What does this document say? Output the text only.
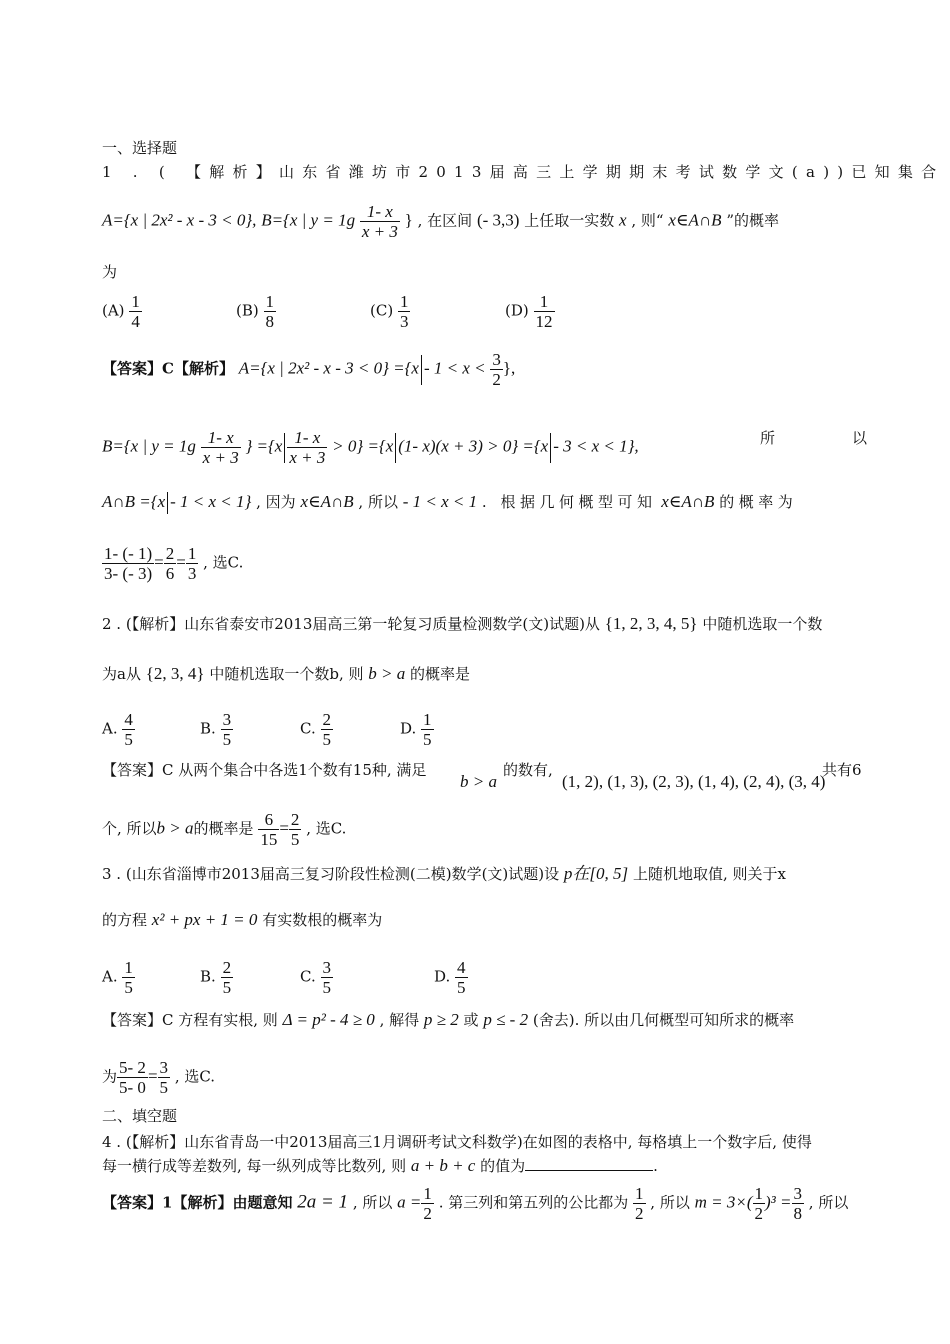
一、选择题
1 . ( 【解析】山东省潍坊市2013届高三上学期期末考试数学文(a))已知集合
A={x | 2x² - x - 3 < 0}, B={x | $y = 1g \frac{1- x}{x + 3}$ } , 在区间 (- 3,3) 上任取一实数 x , 则“ x∈A∩B ”的概率
为
$(A) \frac{1}{4}$	$(B) \frac{1}{8}$	$(C) \frac{1}{3}$	$(D) \frac{1}{12}$
【答案】C【解析】 A={x | $2x^2 - x - 3 < 0\} =\{x - 1 < x < \frac{3}{2}$ },
B={x | $y = 1g \frac{1- x}{x + 3}$ } $=\{x \frac{1- x}{x + 3} > 0\} =\{x$ (1- x)(x + 3) > 0} ={x - 3 < x < 1},	所	以
A∩B ={x - 1 < x < 1} , 因为 x∈A∩B , 所以 - 1 < x < 1 . 根据几何概型可知 x∈A∩B 的概率为
$\frac{1- (- 1)}{3- (- 3)} = \frac{2}{6} = \frac{1}{3}$ , 选C.
2 . (【解析】山东省泰安市2013届高三第一轮复习质量检测数学(文)试题)从 {1, 2, 3, 4, 5} 中随机选取一个数
为a从 {2, 3, 4} 中随机选取一个数b, 则 b > a 的概率是
A. $\frac{4}{5}$	B. $\frac{3}{5}$	C. $\frac{2}{5}$	D. $\frac{1}{5}$
【答案】C 从两个集合中各选1个数有15种, 满足
b > a
的数有,
(1, 2), (1, 3), (2, 3), (1, 4), (2, 4), (3, 4)
共有6
个, 所以b > a的概率是 $\frac{6}{15} = \frac{2}{5}$ , 选C.
3 . (山东省淄博市2013届高三复习阶段性检测(二模)数学(文)试题)设 p在[0, 5] 上随机地取值, 则关于x
的方程 x² + px + 1 = 0 有实数根的概率为
A. $\frac{1}{5}$	B. $\frac{2}{5}$	C. $\frac{3}{5}$	D. $\frac{4}{5}$
【答案】C 方程有实根, 则 Δ = p² - 4 ≥ 0 , 解得 p ≥ 2 或 p ≤ - 2 (舍去). 所以由几何概型可知所求的概率
为 $\frac{5- 2}{5- 0} = \frac{3}{5}$ , 选C.
二、填空题
4 . (【解析】山东省青岛一中2013届高三1月调研考试文科数学)在如图的表格中, 每格填上一个数字后, 使得
每一横行成等差数列, 每一纵列成等比数列, 则 a + b + c 的值为	.
【答案】1【解析】由题意知 2a = 1 , 所以 $a = \frac{1}{2}$ . 第三列和第五列的公比都为 $\frac{1}{2}$ , 所以 $m = 3\times( \frac{1}{2} )^3 = \frac{3}{8}$ , 所以
